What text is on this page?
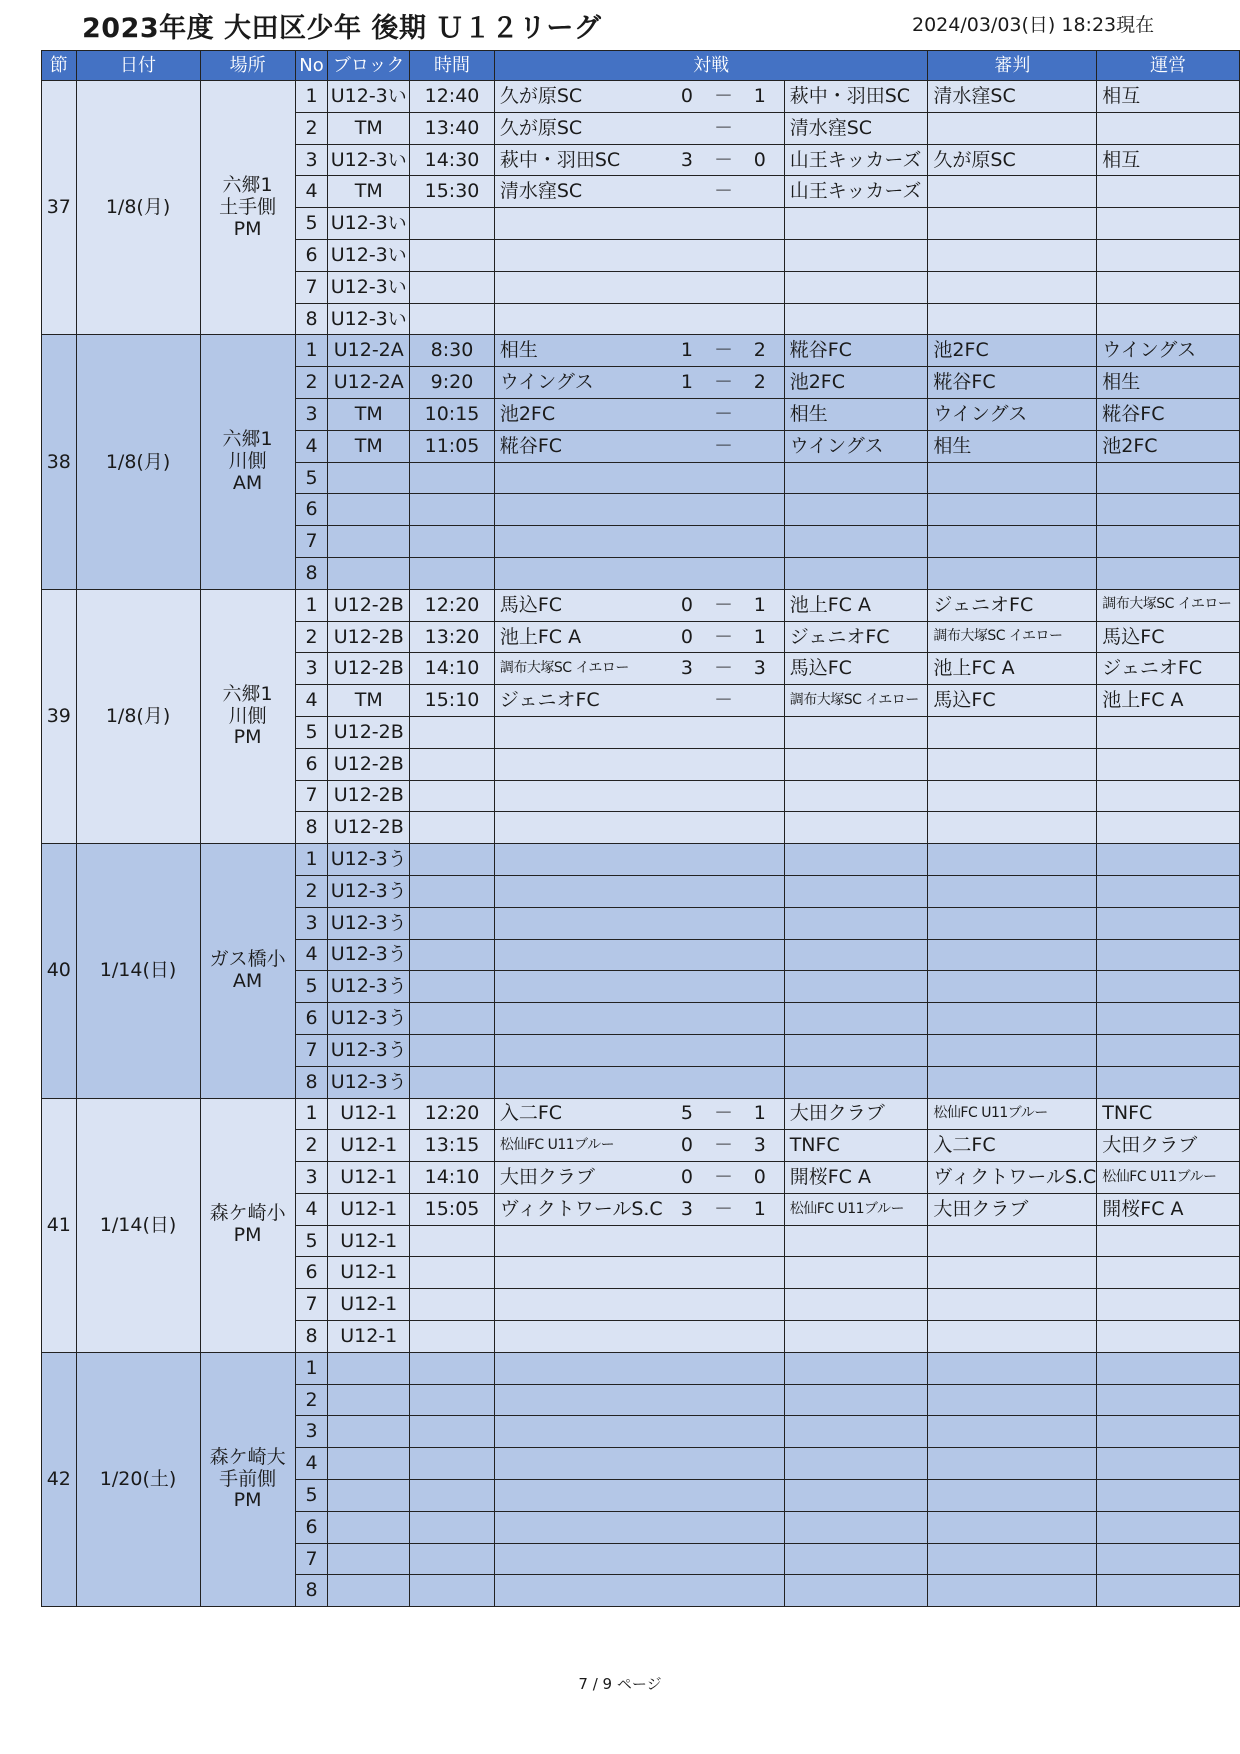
2023年度 大田区少年 後期 Ｕ１２リーグ	2024/03/03(日) 18:23現在
節	日付	場所	No	ブロック	時間	対戦					審判	運営
37	1/8(月)	六郷1
土手側
PM	1	U12-3い	12:40	久が原SC	0	－	1	萩中・羽田SC	清水窪SC	相互
			2	TM	13:40	久が原SC		－		清水窪SC		
			3	U12-3い	14:30	萩中・羽田SC	3	－	0	山王キッカーズ	久が原SC	相互
			4	TM	15:30	清水窪SC		－		山王キッカーズ		
			5	U12-3い								
			6	U12-3い								
			7	U12-3い								
			8	U12-3い								
38	1/8(月)	六郷1
川側
AM	1	U12-2A	8:30	相生	1	－	2	糀谷FC	池2FC	ウイングス
			2	U12-2A	9:20	ウイングス	1	－	2	池2FC	糀谷FC	相生
			3	TM	10:15	池2FC		－		相生	ウイングス	糀谷FC
			4	TM	11:05	糀谷FC		－		ウイングス	相生	池2FC
			5									
			6									
			7									
			8									
39	1/8(月)	六郷1
川側
PM	1	U12-2B	12:20	馬込FC	0	－	1	池上FC A	ジェニオFC	調布大塚SC イエロー
			2	U12-2B	13:20	池上FC A	0	－	1	ジェニオFC	調布大塚SC イエロー	馬込FC
			3	U12-2B	14:10	調布大塚SC イエロー	3	－	3	馬込FC	池上FC A	ジェニオFC
			4	TM	15:10	ジェニオFC		－		調布大塚SC イエロー	馬込FC	池上FC A
			5	U12-2B								
			6	U12-2B								
			7	U12-2B								
			8	U12-2B								
40	1/14(日)	ガス橋小
AM	1	U12-3う								
			2	U12-3う								
			3	U12-3う								
			4	U12-3う								
			5	U12-3う								
			6	U12-3う								
			7	U12-3う								
			8	U12-3う								
41	1/14(日)	森ケ崎小
PM	1	U12-1	12:20	入二FC	5	－	1	大田クラブ	松仙FC U11ブルー	TNFC
			2	U12-1	13:15	松仙FC U11ブルー	0	－	3	TNFC	入二FC	大田クラブ
			3	U12-1	14:10	大田クラブ	0	－	0	開桜FC A	ヴィクトワールS.C	松仙FC U11ブルー
			4	U12-1	15:05	ヴィクトワールS.C	3	－	1	松仙FC U11ブルー	大田クラブ	開桜FC A
			5	U12-1								
			6	U12-1								
			7	U12-1								
			8	U12-1								
42	1/20(土)	森ケ崎大
手前側
PM	1									
			2									
			3									
			4									
			5									
			6									
			7									
			8									
7 / 9 ページ
